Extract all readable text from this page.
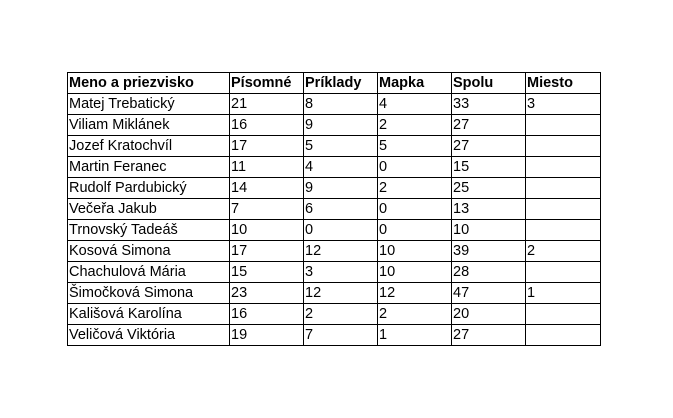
Meno a priezvisko	Písomné	Príklady	Mapka	Spolu	Miesto
Matej Trebatický	21	8	4	33	3
Viliam Miklánek	16	9	2	27	
Jozef Kratochvíl	17	5	5	27	
Martin Feranec	11	4	0	15	
Rudolf Pardubický	14	9	2	25	
Večeřa Jakub	7	6	0	13	
Trnovský Tadeáš	10	0	0	10	
Kosová Simona	17	12	10	39	2
Chachulová Mária	15	3	10	28	
Šimočková Simona	23	12	12	47	1
Kališová Karolína	16	2	2	20	
Veličová Viktória	19	7	1	27	
